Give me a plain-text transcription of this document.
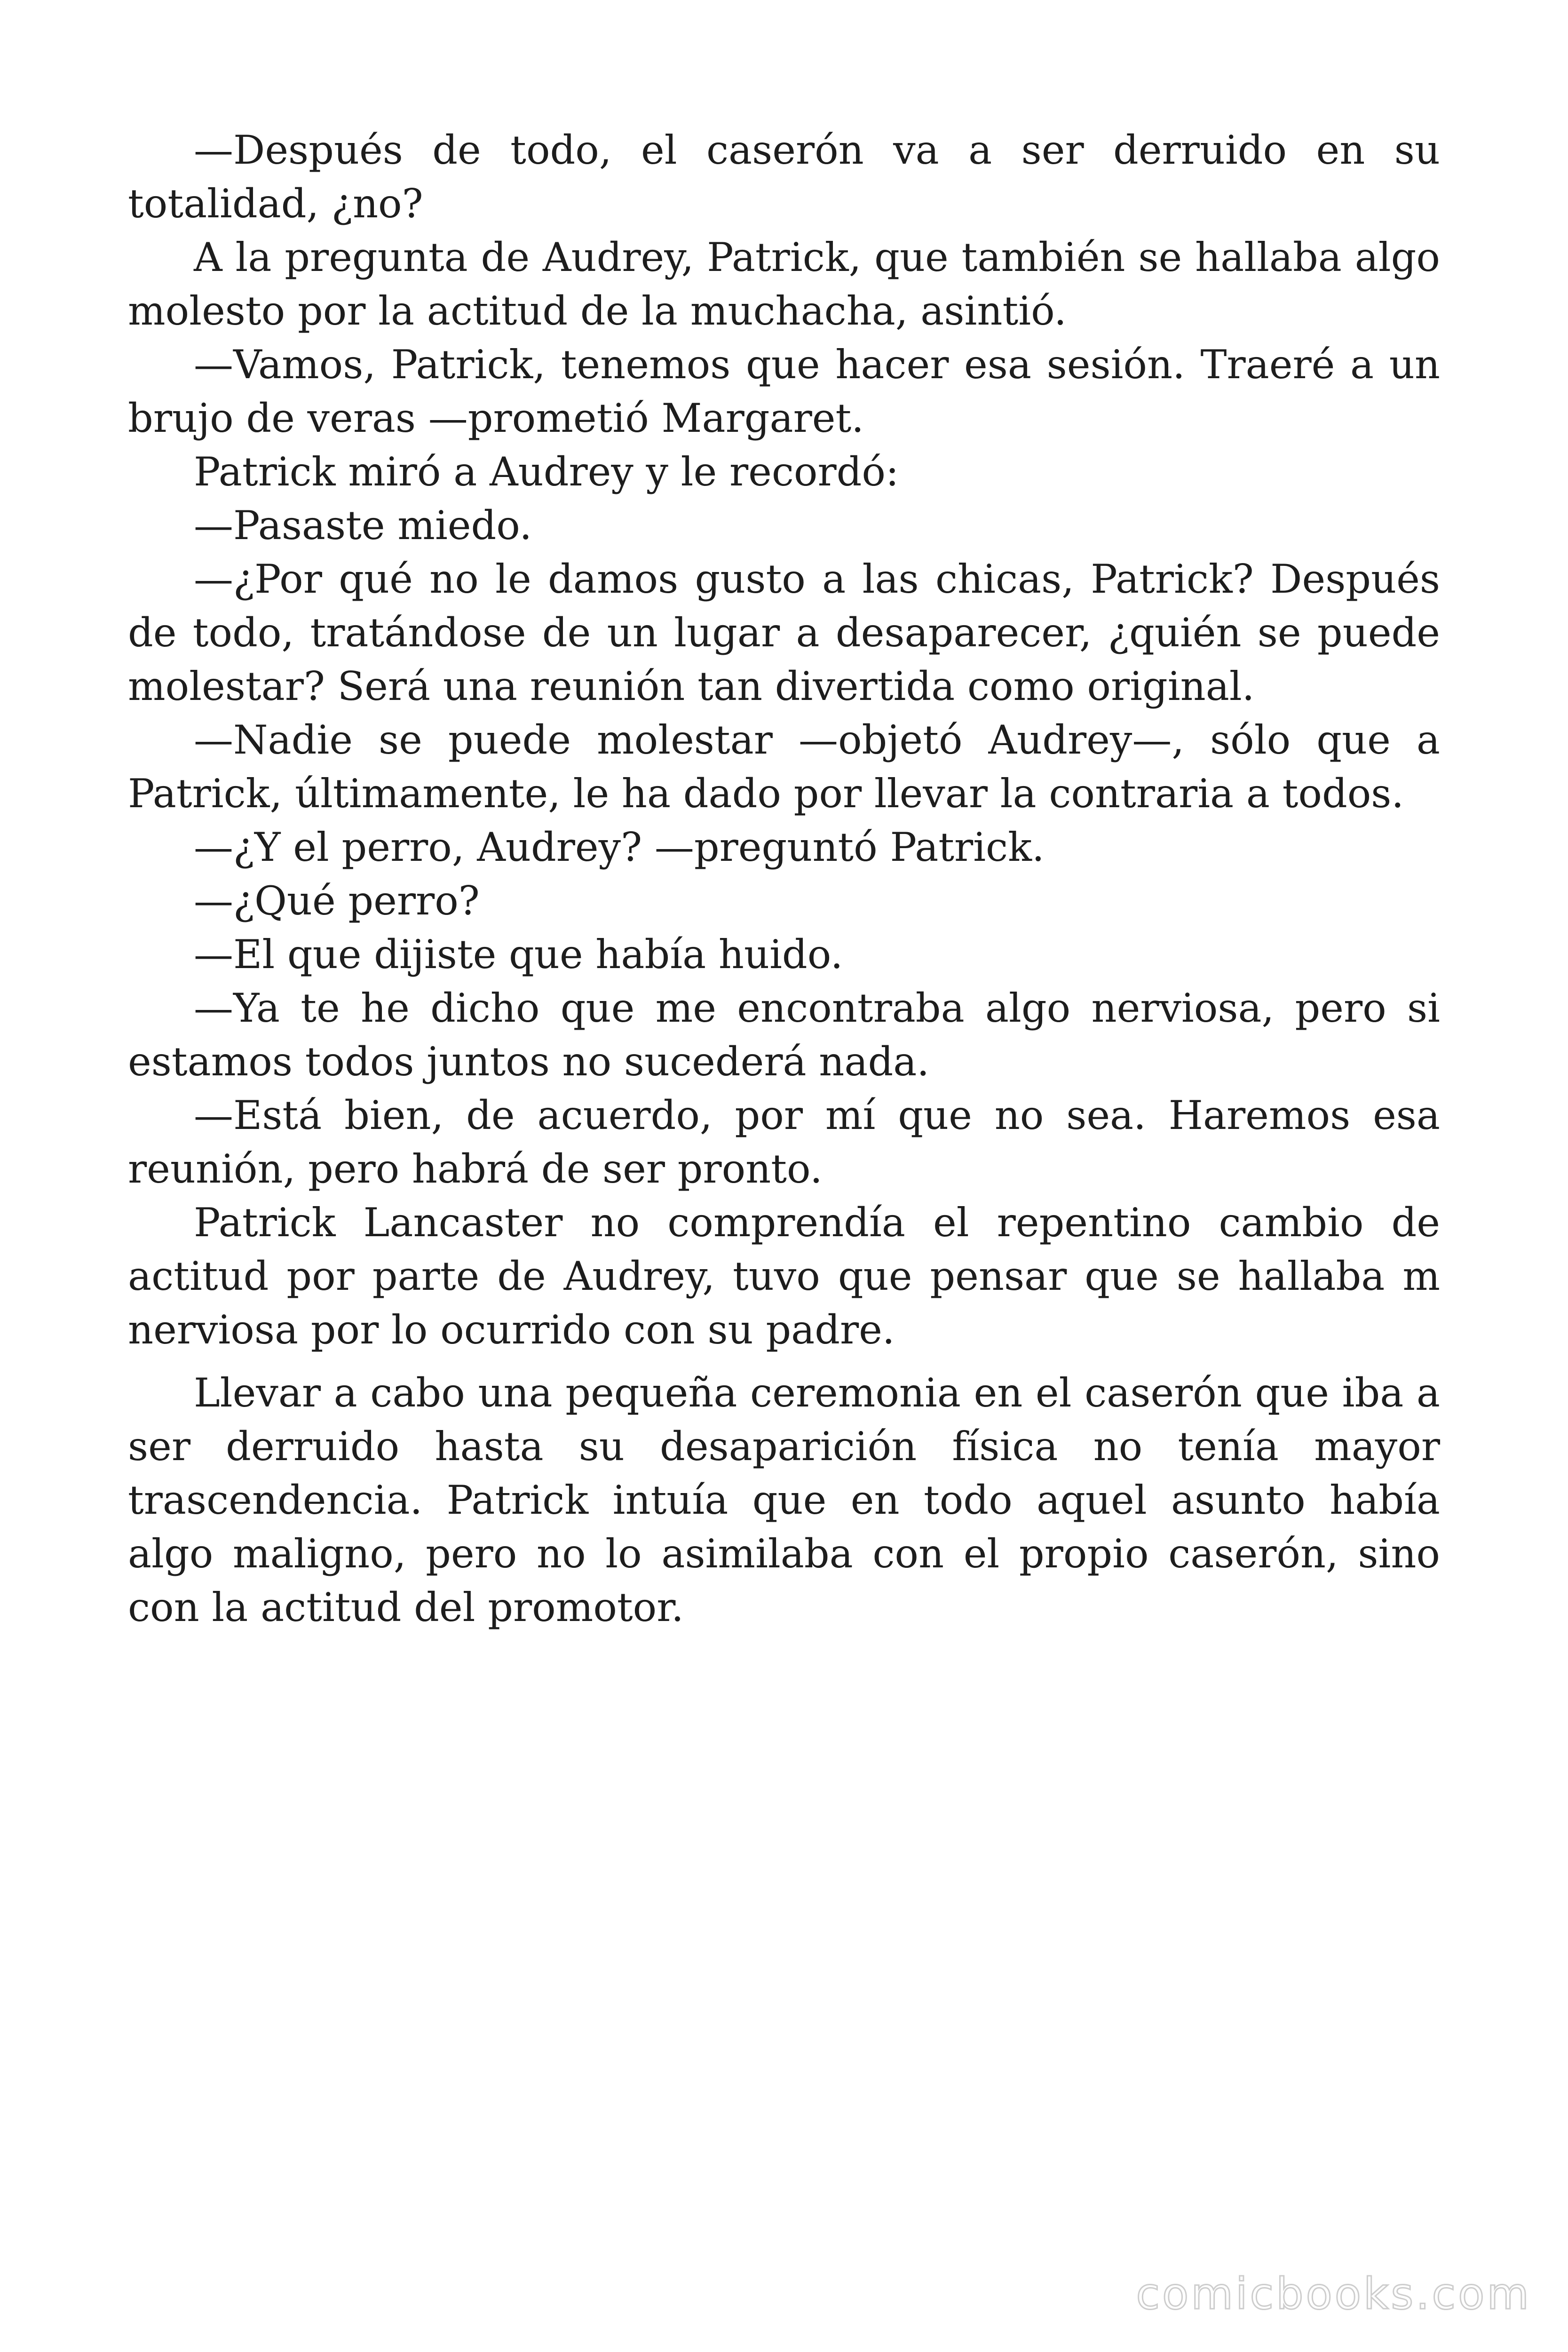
—Después de todo, el caserón va a ser derruido en su totalidad, ¿no?

A la pregunta de Audrey, Patrick, que también se hallaba algo molesto por la actitud de la muchacha, asintió.

—Vamos, Patrick, tenemos que hacer esa sesión. Traeré a un brujo de veras —prometió Margaret.

Patrick miró a Audrey y le recordó:

—Pasaste miedo.

—¿Por qué no le damos gusto a las chicas, Patrick? Después de todo, tratándose de un lugar a desaparecer, ¿quién se puede molestar? Será una reunión tan divertida como original.

—Nadie se puede molestar —objetó Audrey—, sólo que a Patrick, últimamente, le ha dado por llevar la contraria a todos.

—¿Y el perro, Audrey? —preguntó Patrick.

—¿Qué perro?

—El que dijiste que había huido.

—Ya te he dicho que me encontraba algo nerviosa, pero si estamos todos juntos no sucederá nada.

—Está bien, de acuerdo, por mí que no sea. Haremos esa reunión, pero habrá de ser pronto.

Patrick Lancaster no comprendía el repentino cambio de actitud por parte de Audrey, tuvo que pensar que se hallaba m nerviosa por lo ocurrido con su padre.

Llevar a cabo una pequeña ceremonia en el caserón que iba a ser derruido hasta su desaparición física no tenía mayor trascendencia. Patrick intuía que en todo aquel asunto había algo maligno, pero no lo asimilaba con el propio caserón, sino con la actitud del promotor.

comicbooks.com
